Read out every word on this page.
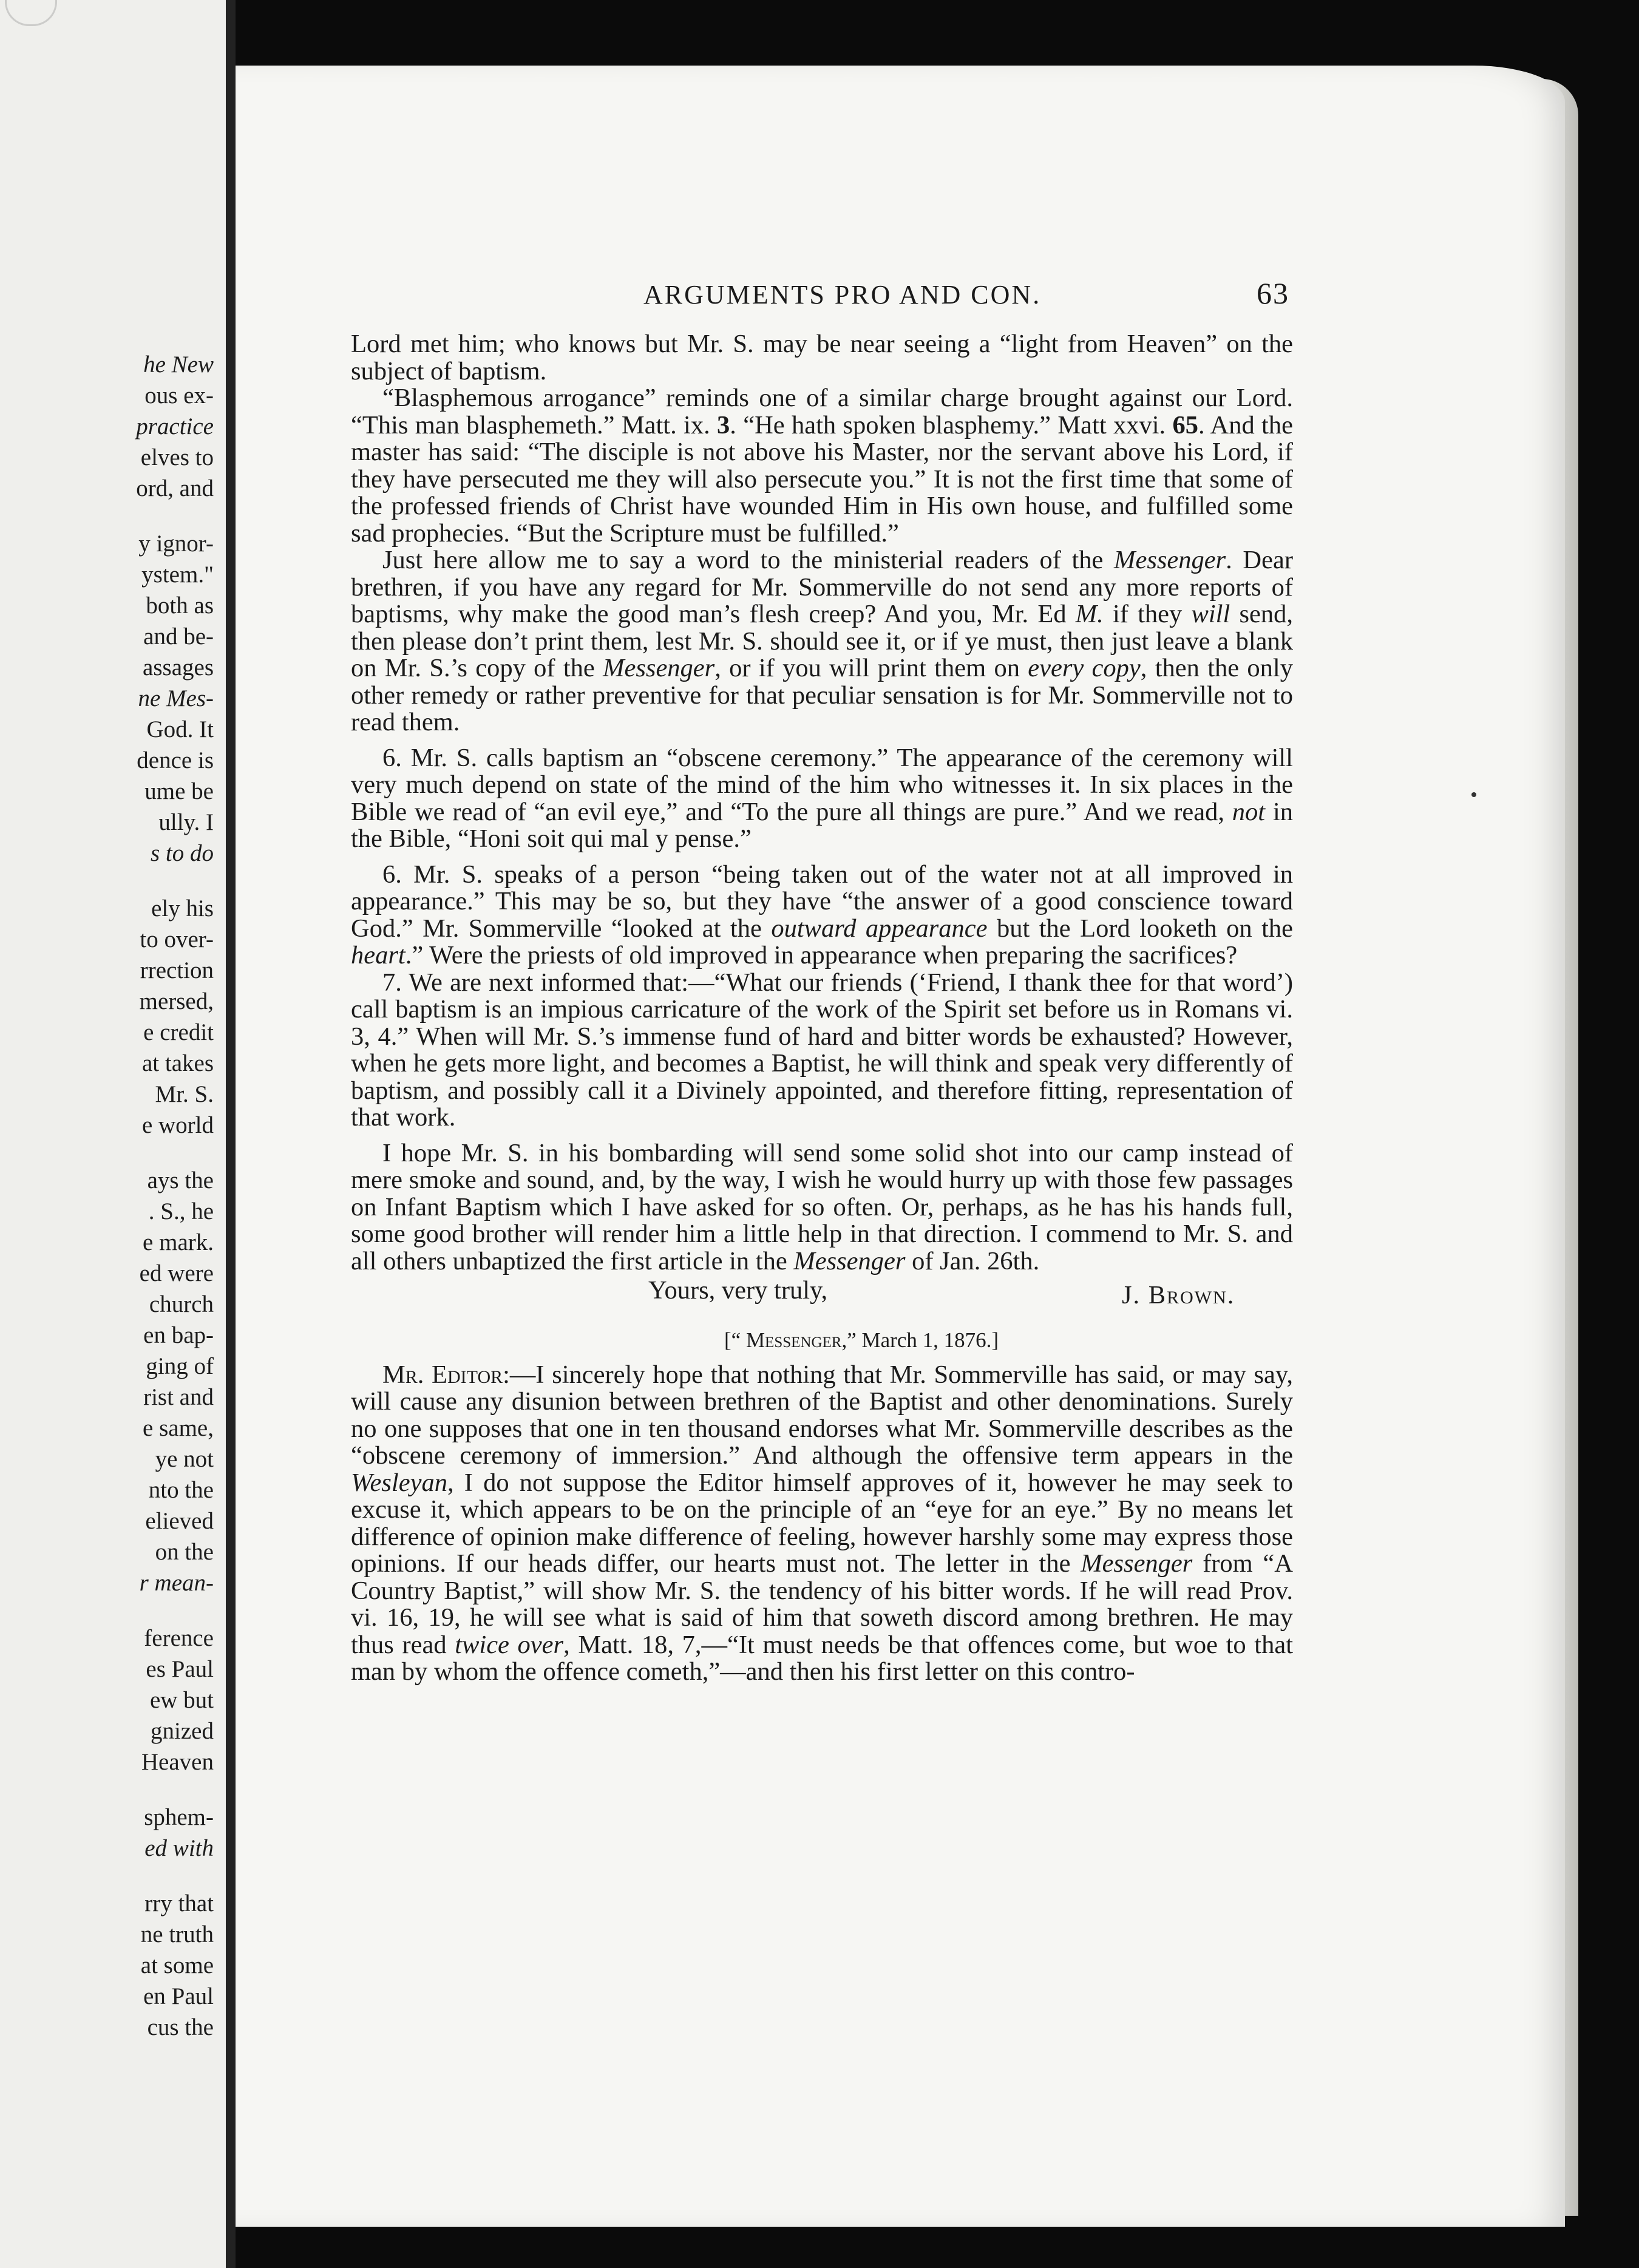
he New
ous ex-
practice
elves to
ord, and
y ignor-
ystem."
both as
and be-
assages
ne Mes-
God. It
dence is
ume be
ully. I
s to do
ely his
to over-
rrection
mersed,
e credit
at takes
Mr. S.
e world
ays the
. S., he
e mark.
ed were
church
en bap-
ging of
rist and
e same,
ye not
nto the
elieved
on the
r mean-
ference
es Paul
ew but
gnized
Heaven
sphem-
ed with
rry that
ne truth
at some
en Paul
cus the
ARGUMENTS PRO AND CON.	63

Lord met him; who knows but Mr. S. may be near seeing a “light from Heaven” on the subject of baptism.

“Blasphemous arrogance” reminds one of a similar charge brought against our Lord. “This man blasphemeth.” Matt. ix. 3. “He hath spoken blasphemy.” Matt xxvi. 65. And the master has said: “The disciple is not above his Master, nor the servant above his Lord, if they have persecuted me they will also persecute you.” It is not the first time that some of the professed friends of Christ have wounded Him in His own house, and fulfilled some sad prophecies. “But the Scripture must be fulfilled.”

Just here allow me to say a word to the ministerial readers of the Messenger. Dear brethren, if you have any regard for Mr. Sommerville do not send any more reports of baptisms, why make the good man’s flesh creep? And you, Mr. Ed M. if they will send, then please don’t print them, lest Mr. S. should see it, or if ye must, then just leave a blank on Mr. S.’s copy of the Messenger, or if you will print them on every copy, then the only other remedy or rather preventive for that peculiar sensation is for Mr. Sommerville not to read them.

6. Mr. S. calls baptism an “obscene ceremony.” The appearance of the ceremony will very much depend on state of the mind of the him who witnesses it. In six places in the Bible we read of “an evil eye,” and “To the pure all things are pure.” And we read, not in the Bible, “Honi soit qui mal y pense.”

6. Mr. S. speaks of a person “being taken out of the water not at all improved in appearance.” This may be so, but they have “the answer of a good conscience toward God.” Mr. Sommerville “looked at the outward appearance but the Lord looketh on the heart.” Were the priests of old improved in appearance when preparing the sacrifices?

7. We are next informed that:—“What our friends (‘Friend, I thank thee for that word’) call baptism is an impious carricature of the work of the Spirit set before us in Romans vi. 3, 4.” When will Mr. S.’s immense fund of hard and bitter words be exhausted? However, when he gets more light, and becomes a Baptist, he will think and speak very differently of baptism, and possibly call it a Divinely appointed, and therefore fitting, representation of that work.

I hope Mr. S. in his bombarding will send some solid shot into our camp instead of mere smoke and sound, and, by the way, I wish he would hurry up with those few passages on Infant Baptism which I have asked for so often. Or, perhaps, as he has his hands full, some good brother will render him a little help in that direction. I commend to Mr. S. and all others unbaptized the first article in the Messenger of Jan. 26th.

Yours, very truly,	J. Brown.
[“ Messenger,” March 1, 1876.]

Mr. Editor:—I sincerely hope that nothing that Mr. Sommerville has said, or may say, will cause any disunion between brethren of the Baptist and other denominations. Surely no one supposes that one in ten thousand endorses what Mr. Sommerville describes as the “obscene ceremony of immersion.” And although the offensive term appears in the Wesleyan, I do not suppose the Editor himself approves of it, however he may seek to excuse it, which appears to be on the principle of an “eye for an eye.” By no means let difference of opinion make difference of feeling, however harshly some may express those opinions. If our heads differ, our hearts must not. The letter in the Messenger from “A Country Baptist,” will show Mr. S. the tendency of his bitter words. If he will read Prov. vi. 16, 19, he will see what is said of him that soweth discord among brethren. He may thus read twice over, Matt. 18, 7,—“It must needs be that offences come, but woe to that man by whom the offence cometh,”—and then his first letter on this contro-
